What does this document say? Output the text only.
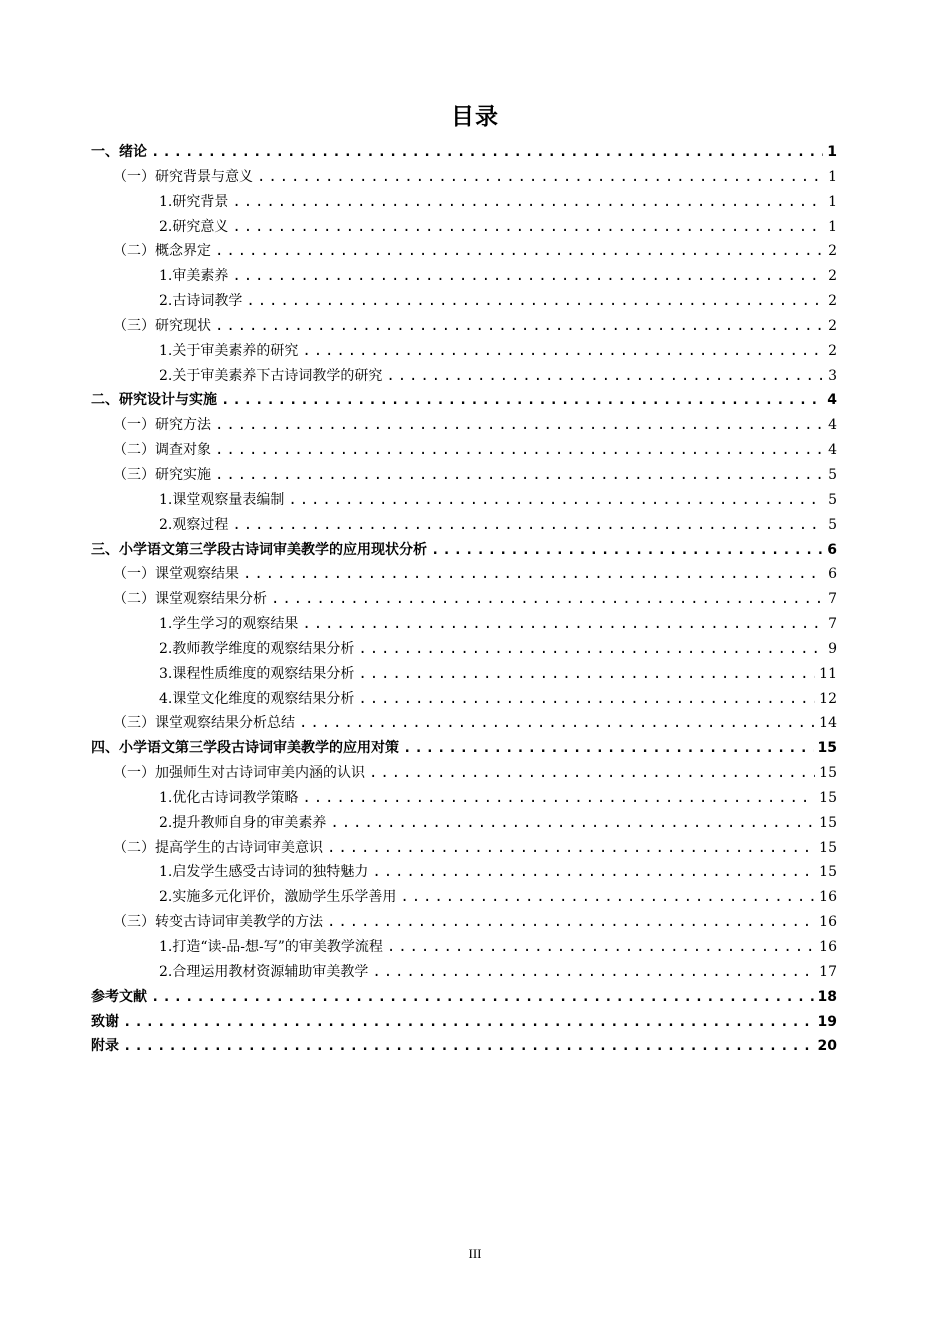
目录
一、绪论 .....	1
（一）研究背景与意义 .....	1
1.研究背景 .....	1
2.研究意义 .....	1
（二）概念界定 .....	2
1.审美素养 .....	2
2.古诗词教学 .....	2
（三）研究现状 .....	2
1.关于审美素养的研究 .....	2
2.关于审美素养下古诗词教学的研究 .....	3
二、研究设计与实施 .....	4
（一）研究方法 .....	4
（二）调查对象 .....	4
（三）研究实施 .....	5
1.课堂观察量表编制 .....	5
2.观察过程 .....	5
三、小学语文第三学段古诗词审美教学的应用现状分析 .....	6
（一）课堂观察结果 .....	6
（二）课堂观察结果分析 .....	7
1.学生学习的观察结果 .....	7
2.教师教学维度的观察结果分析 .....	9
3.课程性质维度的观察结果分析 .....	11
4.课堂文化维度的观察结果分析 .....	12
（三）课堂观察结果分析总结 .....	14
四、小学语文第三学段古诗词审美教学的应用对策 .....	15
（一）加强师生对古诗词审美内涵的认识 .....	15
1.优化古诗词教学策略 .....	15
2.提升教师自身的审美素养 .....	15
（二）提高学生的古诗词审美意识 .....	15
1.启发学生感受古诗词的独特魅力 .....	15
2.实施多元化评价，激励学生乐学善用 .....	16
（三）转变古诗词审美教学的方法 .....	16
1.打造“读-品-想-写”的审美教学流程 .....	16
2.合理运用教材资源辅助审美教学 .....	17
参考文献 .....	18
致谢 .....	19
附录 .....	20
III
